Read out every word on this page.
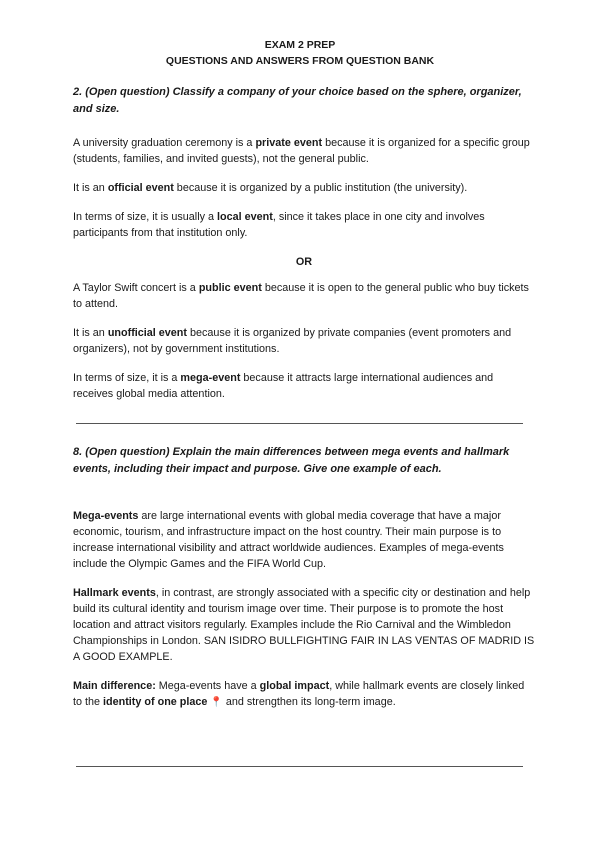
EXAM 2 PREP
QUESTIONS AND ANSWERS FROM QUESTION BANK

2. (Open question) Classify a company of your choice based on the sphere, organizer, and size.

A university graduation ceremony is a private event because it is organized for a specific group (students, families, and invited guests), not the general public.

It is an official event because it is organized by a public institution (the university).

In terms of size, it is usually a local event, since it takes place in one city and involves participants from that institution only.

OR

A Taylor Swift concert is a public event because it is open to the general public who buy tickets to attend.

It is an unofficial event because it is organized by private companies (event promoters and organizers), not by government institutions.

In terms of size, it is a mega-event because it attracts large international audiences and receives global media attention.

8. (Open question) Explain the main differences between mega events and hallmark events, including their impact and purpose. Give one example of each.

Mega-events are large international events with global media coverage that have a major economic, tourism, and infrastructure impact on the host country. Their main purpose is to increase international visibility and attract worldwide audiences. Examples of mega-events include the Olympic Games and the FIFA World Cup.

Hallmark events, in contrast, are strongly associated with a specific city or destination and help build its cultural identity and tourism image over time. Their purpose is to promote the host location and attract visitors regularly. Examples include the Rio Carnival and the Wimbledon Championships in London. SAN ISIDRO BULLFIGHTING FAIR IN LAS VENTAS OF MADRID IS A GOOD EXAMPLE.

Main difference: Mega-events have a global impact, while hallmark events are closely linked to the identity of one place 📍 and strengthen its long-term image.
